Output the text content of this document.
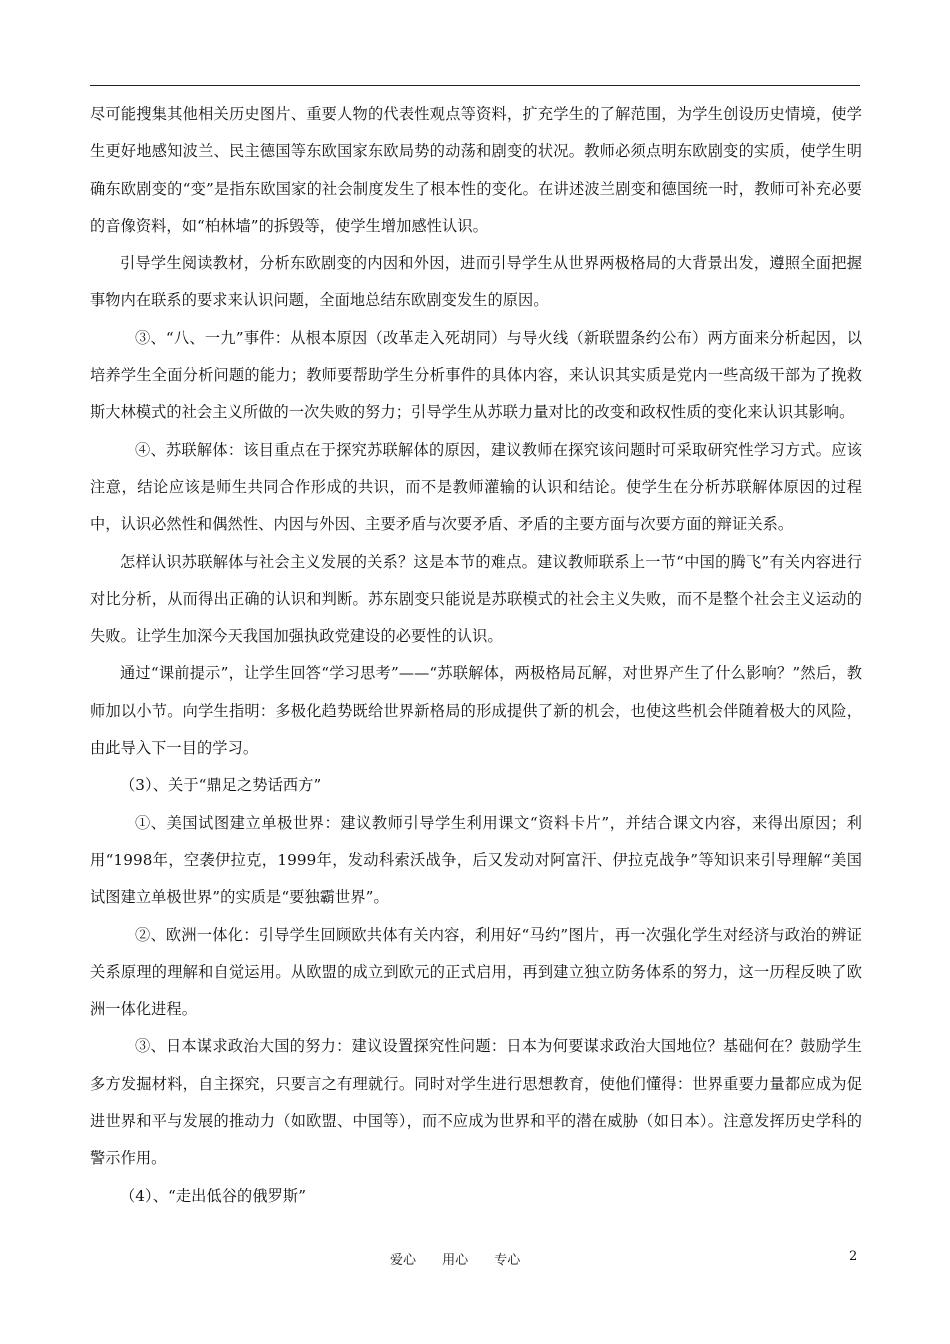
尽可能搜集其他相关历史图片、重要人物的代表性观点等资料，扩充学生的了解范围，为学生创设历史情境，使学生更好地感知波兰、民主德国等东欧国家东欧局势的动荡和剧变的状况。教师必须点明东欧剧变的实质，使学生明确东欧剧变的“变”是指东欧国家的社会制度发生了根本性的变化。在讲述波兰剧变和德国统一时，教师可补充必要的音像资料，如“柏林墙”的拆毁等，使学生增加感性认识。

引导学生阅读教材，分析东欧剧变的内因和外因，进而引导学生从世界两极格局的大背景出发，遵照全面把握事物内在联系的要求来认识问题，全面地总结东欧剧变发生的原因。

③、“八、一九”事件：从根本原因（改革走入死胡同）与导火线（新联盟条约公布）两方面来分析起因，以培养学生全面分析问题的能力；教师要帮助学生分析事件的具体内容，来认识其实质是党内一些高级干部为了挽救斯大林模式的社会主义所做的一次失败的努力；引导学生从苏联力量对比的改变和政权性质的变化来认识其影响。

④、苏联解体：该目重点在于探究苏联解体的原因，建议教师在探究该问题时可采取研究性学习方式。应该注意，结论应该是师生共同合作形成的共识，而不是教师灌输的认识和结论。使学生在分析苏联解体原因的过程中，认识必然性和偶然性、内因与外因、主要矛盾与次要矛盾、矛盾的主要方面与次要方面的辩证关系。

怎样认识苏联解体与社会主义发展的关系？这是本节的难点。建议教师联系上一节“中国的腾飞”有关内容进行对比分析，从而得出正确的认识和判断。苏东剧变只能说是苏联模式的社会主义失败，而不是整个社会主义运动的失败。让学生加深今天我国加强执政党建设的必要性的认识。

通过“课前提示”，让学生回答“学习思考”——“苏联解体，两极格局瓦解，对世界产生了什么影响？”然后，教师加以小节。向学生指明：多极化趋势既给世界新格局的形成提供了新的机会，也使这些机会伴随着极大的风险，由此导入下一目的学习。

（3）、关于“鼎足之势话西方”

①、美国试图建立单极世界：建议教师引导学生利用课文“资料卡片”，并结合课文内容，来得出原因；利用“1998年，空袭伊拉克，1999年，发动科索沃战争，后又发动对阿富汗、伊拉克战争”等知识来引导理解“美国试图建立单极世界”的实质是“要独霸世界”。

②、欧洲一体化：引导学生回顾欧共体有关内容，利用好“马约”图片，再一次强化学生对经济与政治的辨证关系原理的理解和自觉运用。从欧盟的成立到欧元的正式启用，再到建立独立防务体系的努力，这一历程反映了欧洲一体化进程。

③、日本谋求政治大国的努力：建议设置探究性问题：日本为何要谋求政治大国地位？基础何在？鼓励学生多方发掘材料，自主探究，只要言之有理就行。同时对学生进行思想教育，使他们懂得：世界重要力量都应成为促进世界和平与发展的推动力（如欧盟、中国等），而不应成为世界和平的潜在威胁（如日本）。注意发挥历史学科的警示作用。

（4）、“走出低谷的俄罗斯”

爱心 用心 专心	2
